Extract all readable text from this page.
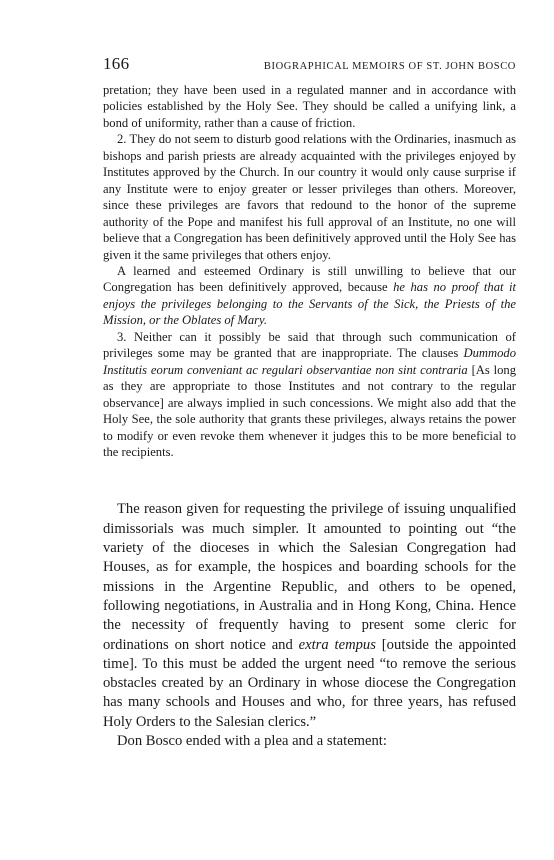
166	BIOGRAPHICAL MEMOIRS OF ST. JOHN BOSCO

pretation; they have been used in a regulated manner and in accordance with policies established by the Holy See. They should be called a unifying link, a bond of uniformity, rather than a cause of friction.

2. They do not seem to disturb good relations with the Ordinaries, inasmuch as bishops and parish priests are already acquainted with the privileges enjoyed by Institutes approved by the Church. In our country it would only cause surprise if any Institute were to enjoy greater or lesser privileges than others. Moreover, since these privileges are favors that redound to the honor of the supreme authority of the Pope and manifest his full approval of an Institute, no one will believe that a Congregation has been definitively approved until the Holy See has given it the same privileges that others enjoy.

A learned and esteemed Ordinary is still unwilling to believe that our Congregation has been definitively approved, because he has no proof that it enjoys the privileges belonging to the Servants of the Sick, the Priests of the Mission, or the Oblates of Mary.

3. Neither can it possibly be said that through such communication of privileges some may be granted that are inappropriate. The clauses Dummodo Institutis eorum conveniant ac regulari observantiae non sint contraria [As long as they are appropriate to those Institutes and not contrary to the regular observance] are always implied in such concessions. We might also add that the Holy See, the sole authority that grants these privileges, always retains the power to modify or even revoke them whenever it judges this to be more beneficial to the recipients.

The reason given for requesting the privilege of issuing unqualified dimissorials was much simpler. It amounted to pointing out “the variety of the dioceses in which the Salesian Congregation had Houses, as for example, the hospices and boarding schools for the missions in the Argentine Republic, and others to be opened, following negotiations, in Australia and in Hong Kong, China. Hence the necessity of frequently having to present some cleric for ordinations on short notice and extra tempus [outside the appointed time]. To this must be added the urgent need “to remove the serious obstacles created by an Ordinary in whose diocese the Congregation has many schools and Houses and who, for three years, has refused Holy Orders to the Salesian clerics.”

Don Bosco ended with a plea and a statement:
